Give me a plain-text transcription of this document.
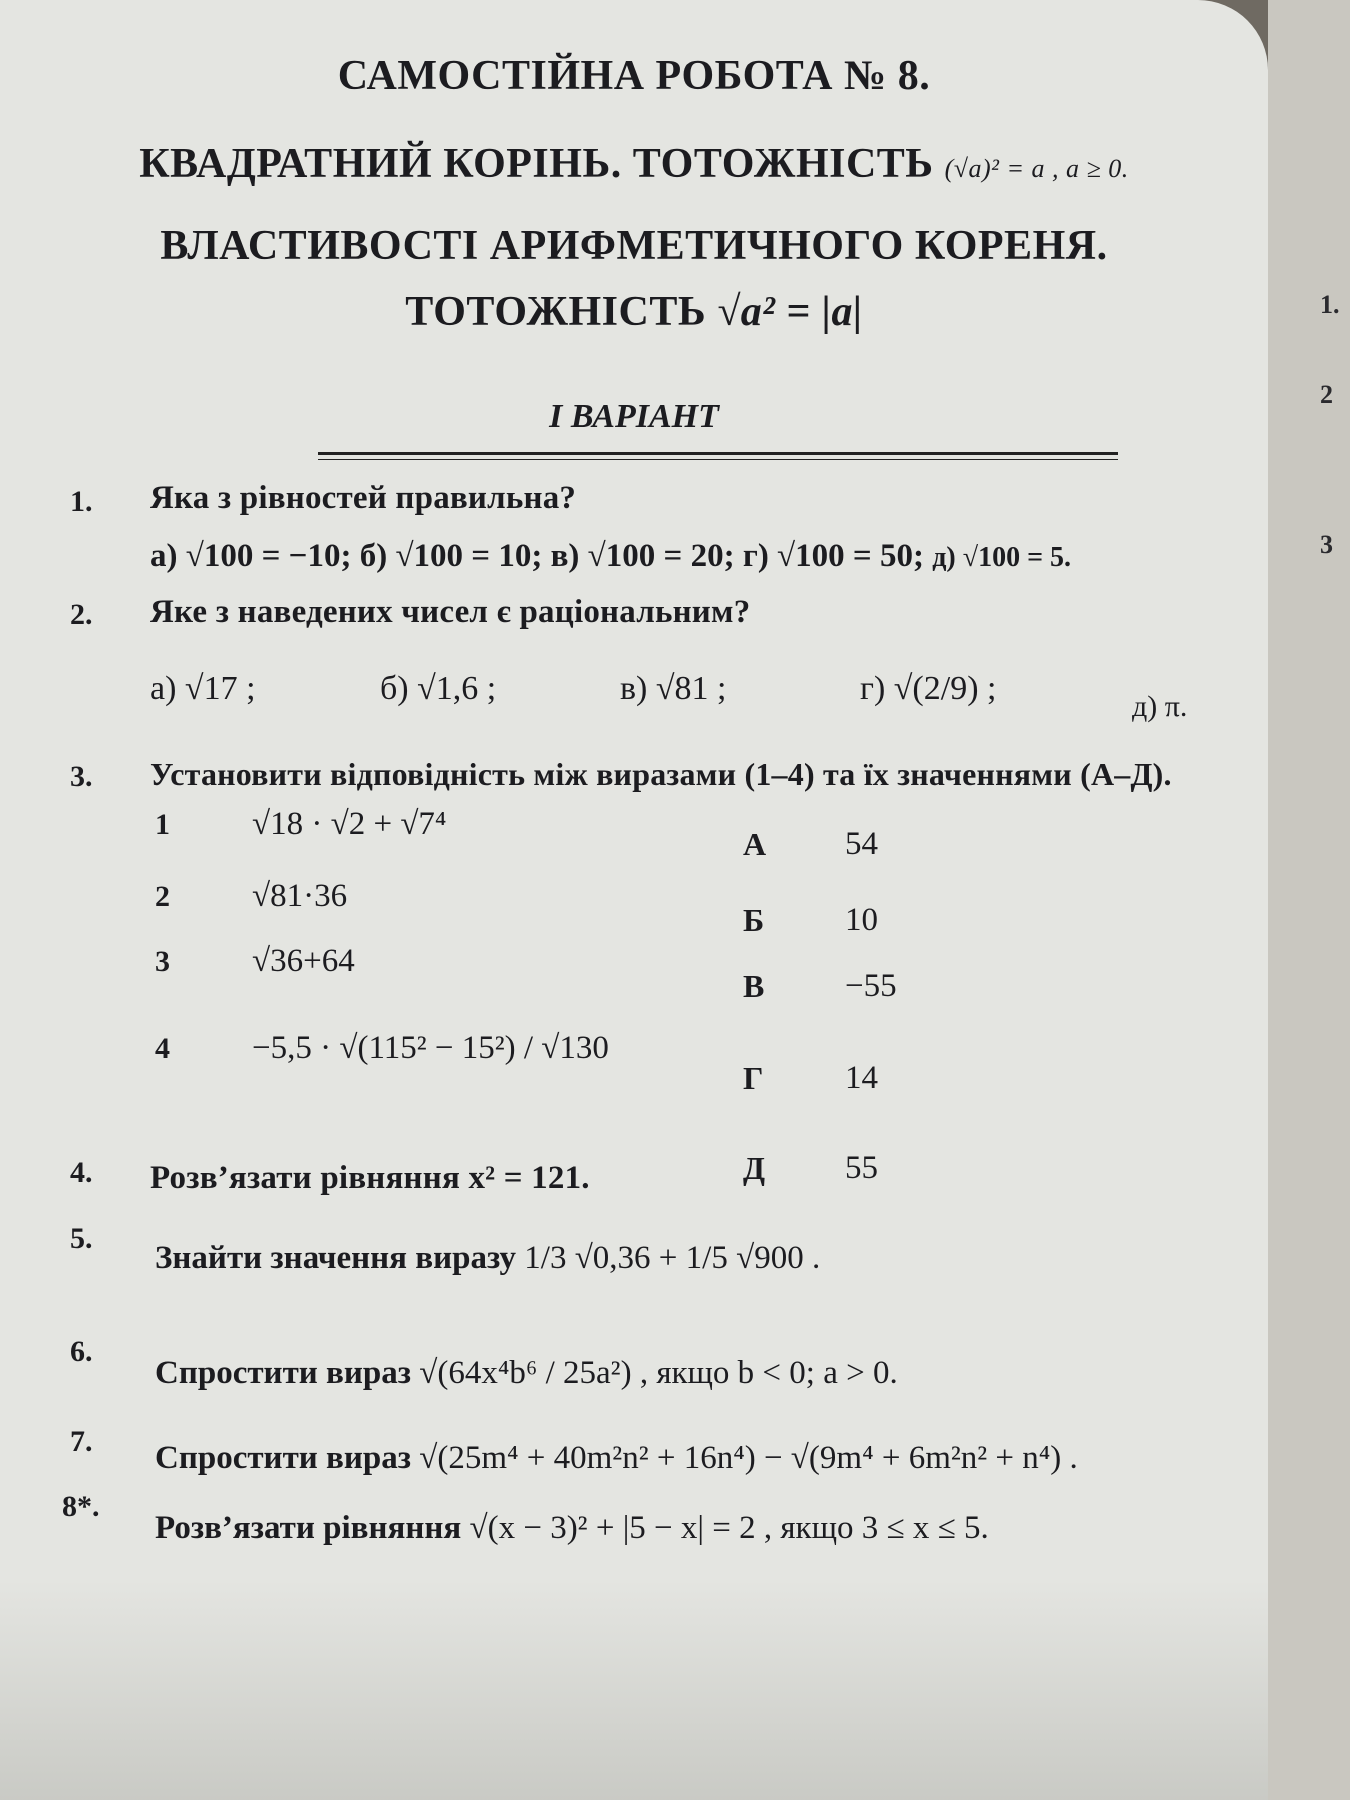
САМОСТІЙНА РОБОТА № 8.
КВАДРАТНИЙ КОРІНЬ. ТОТОЖНІСТЬ (√a)² = a , a ≥ 0.
ВЛАСТИВОСТІ АРИФМЕТИЧНОГО КОРЕНЯ.
ТОТОЖНІСТЬ √a² = |a|
І ВАРІАНТ
1. Яка з рівностей правильна?
а) √100 = −10; б) √100 = 10; в) √100 = 20; г) √100 = 50; д) √100 = 5.
2. Яке з наведених чисел є раціональним?
а) √17 ;	б) √1,6 ;	в) √81 ;	г) √(2/9) ;	д) π.
3. Установити відповідність між виразами (1–4) та їх значеннями (А–Д).
1 √18 · √2 + √7⁴
2 √81·36
3 √36+64
4 −5,5 · √(115² − 15²) / √130
А 54
Б 10
В −55
Г 14
Д 55
4. Розв’язати рівняння x² = 121.
5.
Знайти значення виразу 1/3 √0,36 + 1/5 √900 .
6.
Спростити вираз √(64x⁴b⁶ / 25a²) , якщо b < 0; a > 0.
7. Спростити вираз √(25m⁴ + 40m²n² + 16n⁴) − √(9m⁴ + 6m²n² + n⁴) .
8*.
Розв’язати рівняння √(x − 3)² + |5 − x| = 2 , якщо 3 ≤ x ≤ 5.
1.
2
3
